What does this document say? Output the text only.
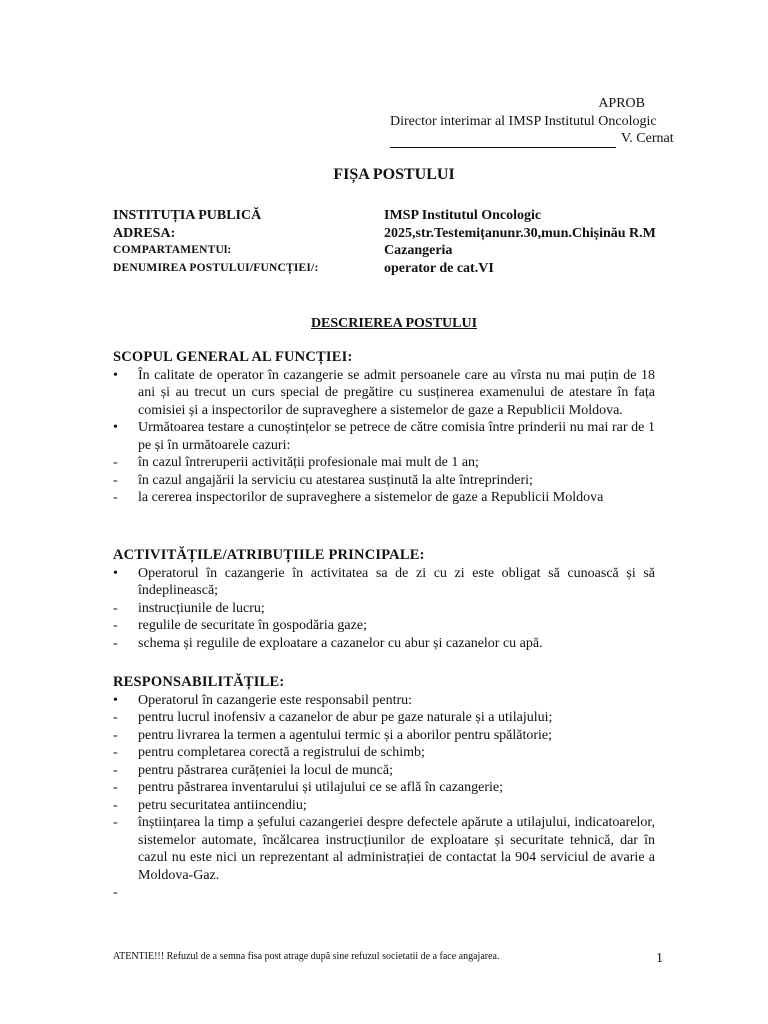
APROB
Director interimar al IMSP Institutul Oncologic
V. Cernat
FIȘA POSTULUI
INSTITUȚIA PUBLICĂ	IMSP Institutul Oncologic
ADRESA:	2025,str.Testemițanunr.30,mun.Chișinău R.M
COMPARTAMENTUl:	Cazangeria
DENUMIREA POSTULUI/FUNCȚIEI/:	operator de cat.VI
DESCRIEREA POSTULUI
SCOPUL GENERAL AL FUNCȚIEI:
•	În calitate de operator în cazangerie se admit persoanele care au vîrsta nu mai puțin de 18 ani și au trecut un curs special de pregătire cu susținerea examenului de atestare în fața comisiei și a inspectorilor de supraveghere a sistemelor de gaze a Republicii Moldova.
•	Următoarea testare a cunoștințelor se petrece de către comisia între prinderii nu mai rar de 1 pe și în următoarele cazuri:
-	în cazul întreruperii activității profesionale mai mult de 1 an;
-	în cazul angajării la serviciu cu atestarea susținută la alte întreprinderi;
-	la cererea inspectorilor de supraveghere a sistemelor de gaze a Republicii Moldova
ACTIVITĂȚILE/ATRIBUȚIILE PRINCIPALE:
•	Operatorul în cazangerie în activitatea sa de zi cu zi este obligat să cunoască și să îndeplinească;
-	instrucțiunile de lucru;
-	regulile de securitate în gospodăria gaze;
-	schema și regulile de exploatare a cazanelor cu abur și cazanelor cu apă.
RESPONSABILITĂȚILE:
•	Operatorul în cazangerie este responsabil pentru:
-	pentru lucrul inofensiv a cazanelor de abur pe gaze naturale și a utilajului;
-	pentru livrarea la termen a agentului termic și a aborilor pentru spălătorie;
-	pentru completarea corectă a registrului de schimb;
-	pentru păstrarea curățeniei la locul de muncă;
-	pentru păstrarea inventarului și utilajului ce se află în cazangerie;
-	petru securitatea antiincendiu;
-	înștiințarea la timp a șefului cazangeriei despre defectele apărute a utilajului, indicatoarelor, sistemelor automate, încălcarea instrucțiunilor de exploatare și securitate tehnică, dar în cazul nu este nici un reprezentant al administrației de contactat la 904 serviciul de avarie a Moldova-Gaz.
-
ATENTIE!!! Refuzul de a semna fisa post atrage după sine refuzul societatii de a face angajarea.	1
